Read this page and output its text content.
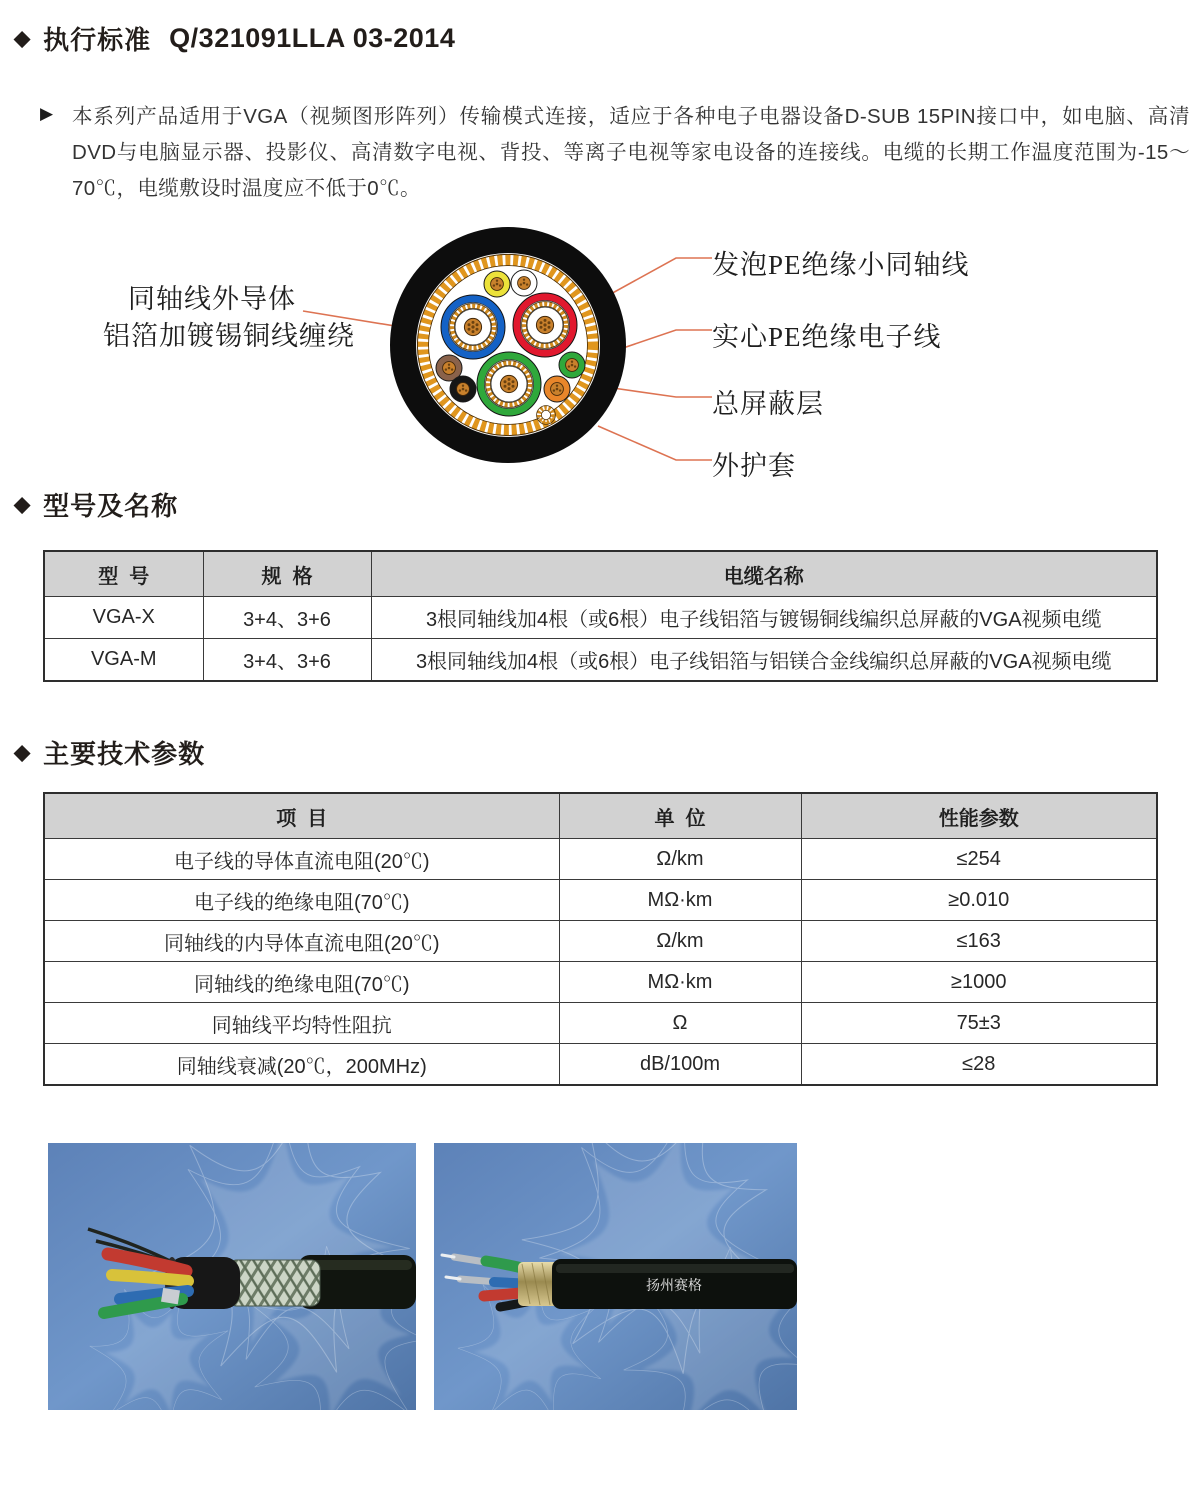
◆ 执行标准 Q/321091LLA 03-2014
▶ 本系列产品适用于VGA（视频图形阵列）传输模式连接，适应于各种电子电器设备D-SUB 15PIN接口中，如电脑、高清DVD与电脑显示器、投影仪、高清数字电视、背投、等离子电视等家电设备的连接线。电缆的长期工作温度范围为-15～70℃，电缆敷设时温度应不低于0℃。
同轴线外导体
铝箔加镀锡铜线缠绕
发泡PE绝缘小同轴线
实心PE绝缘电子线
总屏蔽层
外护套
◆ 型号及名称
型  号	规  格	电缆名称
VGA-X	3+4、3+6	3根同轴线加4根（或6根）电子线铝箔与镀锡铜线编织总屏蔽的VGA视频电缆
VGA-M	3+4、3+6	3根同轴线加4根（或6根）电子线铝箔与铝镁合金线编织总屏蔽的VGA视频电缆
◆ 主要技术参数
项  目	单  位	性能参数
电子线的导体直流电阻(20℃)	Ω/km	≤254
电子线的绝缘电阻(70℃)	MΩ·km	≥0.010
同轴线的内导体直流电阻(20℃)	Ω/km	≤163
同轴线的绝缘电阻(70℃)	MΩ·km	≥1000
同轴线平均特性阻抗	Ω	75±3
同轴线衰减(20℃，200MHz)	dB/100m	≤28
扬州赛格
